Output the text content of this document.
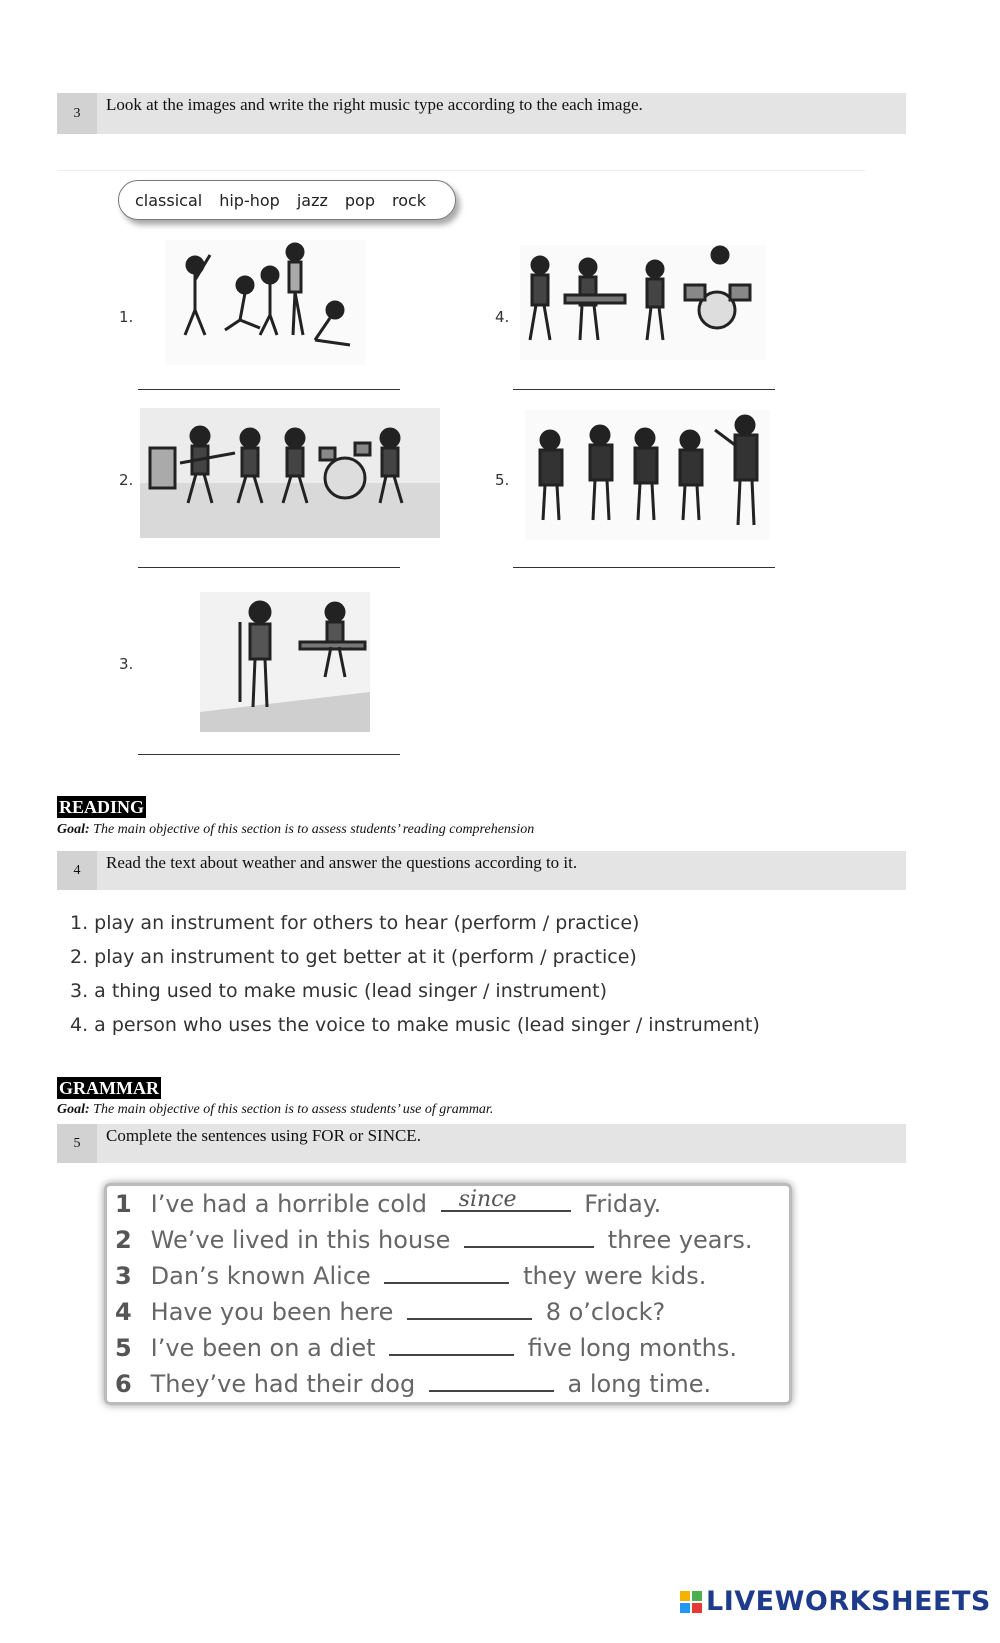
3	Look at the images and write the right music type according to the each image.
classical hip-hop jazz pop rock
1.	4.
2.	5.
3.
READING
Goal: The main objective of this section is to assess students’ reading comprehension
4	Read the text about weather and answer the questions according to it.
1. play an instrument for others to hear (perform / practice)
2. play an instrument to get better at it (perform / practice)
3. a thing used to make music (lead singer / instrument)
4. a person who uses the voice to make music (lead singer / instrument)
GRAMMAR
Goal: The main objective of this section is to assess students’ use of grammar.
5	Complete the sentences using FOR or SINCE.
1 I’ve had a horrible cold since	Friday.
2 We’ve lived in this house	three years.
3 Dan’s known Alice	they were kids.
4 Have you been here	8 o’clock?
5 I’ve been on a diet	five long months.
6 They’ve had their dog	a long time.
LIVEWORKSHEETS
